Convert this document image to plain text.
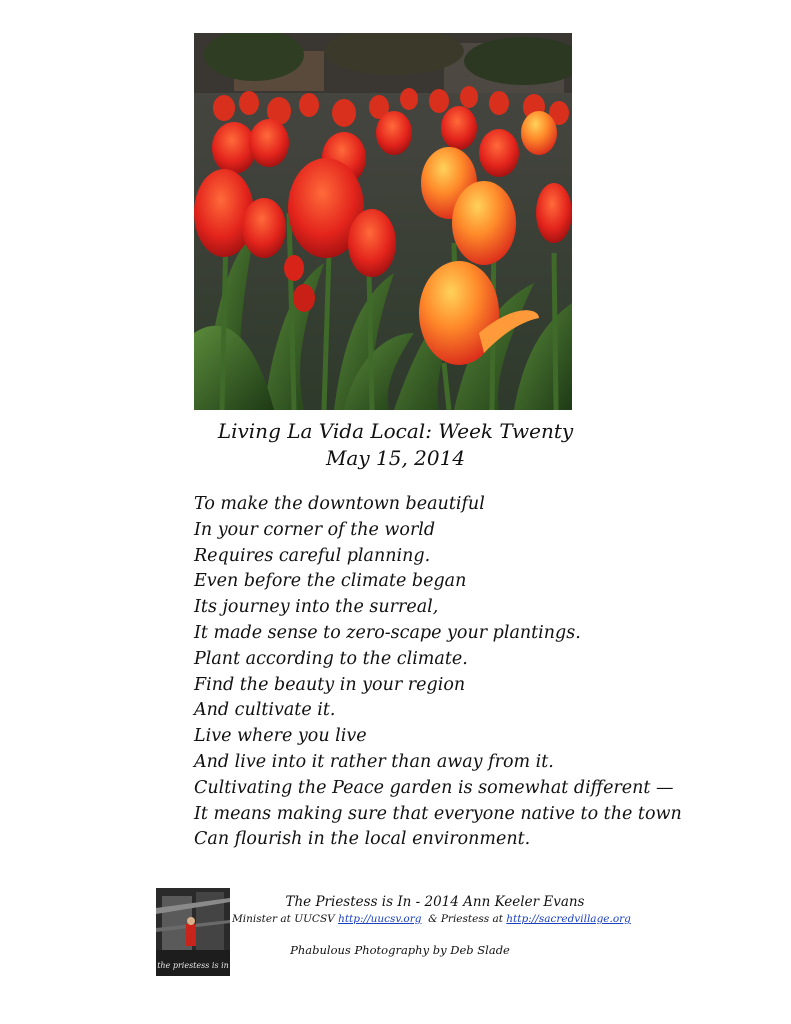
Living La Vida Local: Week Twenty
May 15, 2014
To make the downtown beautiful
In your corner of the world
Requires careful planning.
Even before the climate began
Its journey into the surreal,
It made sense to zero-scape your plantings.
Plant according to the climate.
Find the beauty in your region
And cultivate it.
Live where you live
And live into it rather than away from it.
Cultivating the Peace garden is somewhat different —
It means making sure that everyone native to the town
Can flourish in the local environment.
the priestess is in
The Priestess is In - 2014 Ann Keeler Evans
Minister at UUCSV http://uucsv.org  & Priestess at http://sacredvillage.org
Phabulous Photography by Deb Slade
